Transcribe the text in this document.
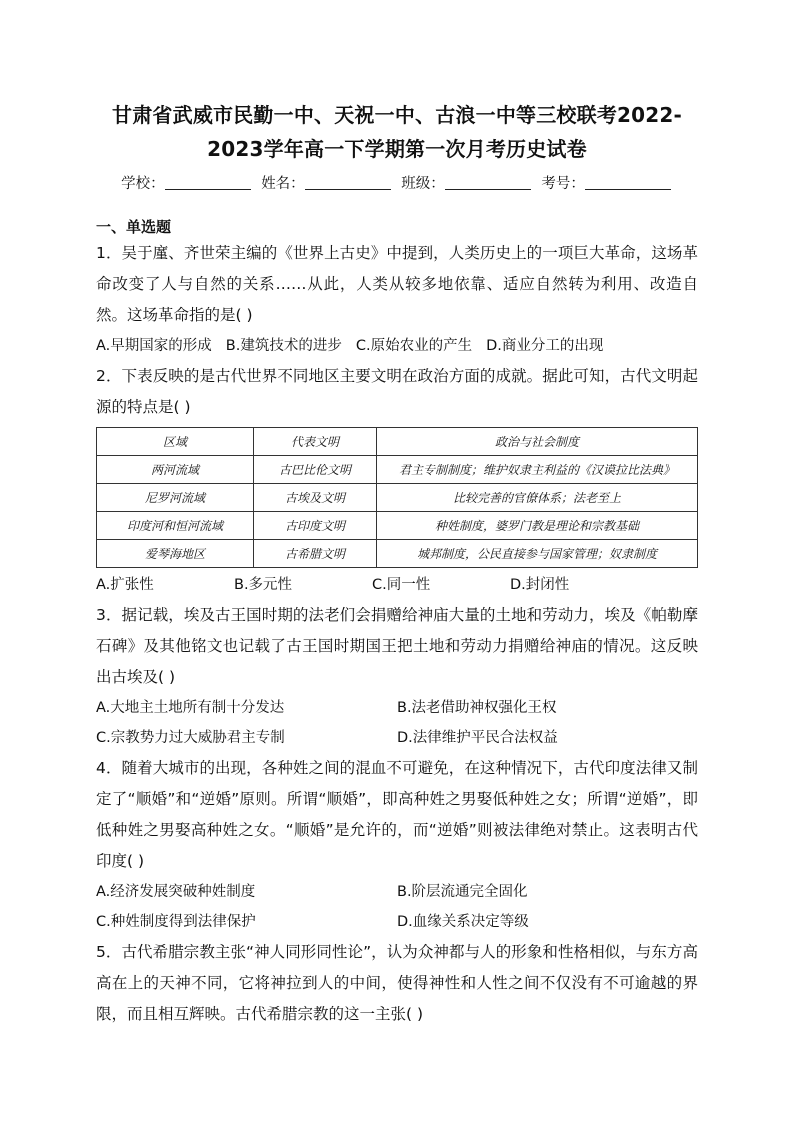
甘肃省武威市民勤一中、天祝一中、古浪一中等三校联考2022-
2023学年高一下学期第一次月考历史试卷
学校：	姓名：	班级：	考号：
一、单选题
1．吴于廑、齐世荣主编的《世界上古史》中提到，人类历史上的一项巨大革命，这场革命改变了人与自然的关系……从此，人类从较多地依靠、适应自然转为利用、改造自然。这场革命指的是( )
A.早期国家的形成 B.建筑技术的进步 C.原始农业的产生 D.商业分工的出现
2．下表反映的是古代世界不同地区主要文明在政治方面的成就。据此可知，古代文明起源的特点是( )
区域	代表文明	政治与社会制度
两河流域	古巴比伦文明	君主专制制度；维护奴隶主利益的《汉谟拉比法典》
尼罗河流域	古埃及文明	比较完善的官僚体系；法老至上
印度河和恒河流域	古印度文明	种姓制度，婆罗门教是理论和宗教基础
爱琴海地区	古希腊文明	城邦制度，公民直接参与国家管理；奴隶制度
A.扩张性	B.多元性	C.同一性	D.封闭性
3．据记载，埃及古王国时期的法老们会捐赠给神庙大量的土地和劳动力，埃及《帕勒摩石碑》及其他铭文也记载了古王国时期国王把土地和劳动力捐赠给神庙的情况。这反映出古埃及( )
A.大地主土地所有制十分发达	B.法老借助神权强化王权
C.宗教势力过大威胁君主专制	D.法律维护平民合法权益
4．随着大城市的出现，各种姓之间的混血不可避免，在这种情况下，古代印度法律又制定了“顺婚”和“逆婚”原则。所谓“顺婚”，即高种姓之男娶低种姓之女；所谓“逆婚”，即低种姓之男娶高种姓之女。“顺婚”是允许的，而“逆婚”则被法律绝对禁止。这表明古代印度( )
A.经济发展突破种姓制度	B.阶层流通完全固化
C.种姓制度得到法律保护	D.血缘关系决定等级
5．古代希腊宗教主张“神人同形同性论”，认为众神都与人的形象和性格相似，与东方高高在上的天神不同，它将神拉到人的中间，使得神性和人性之间不仅没有不可逾越的界限，而且相互辉映。古代希腊宗教的这一主张( )
